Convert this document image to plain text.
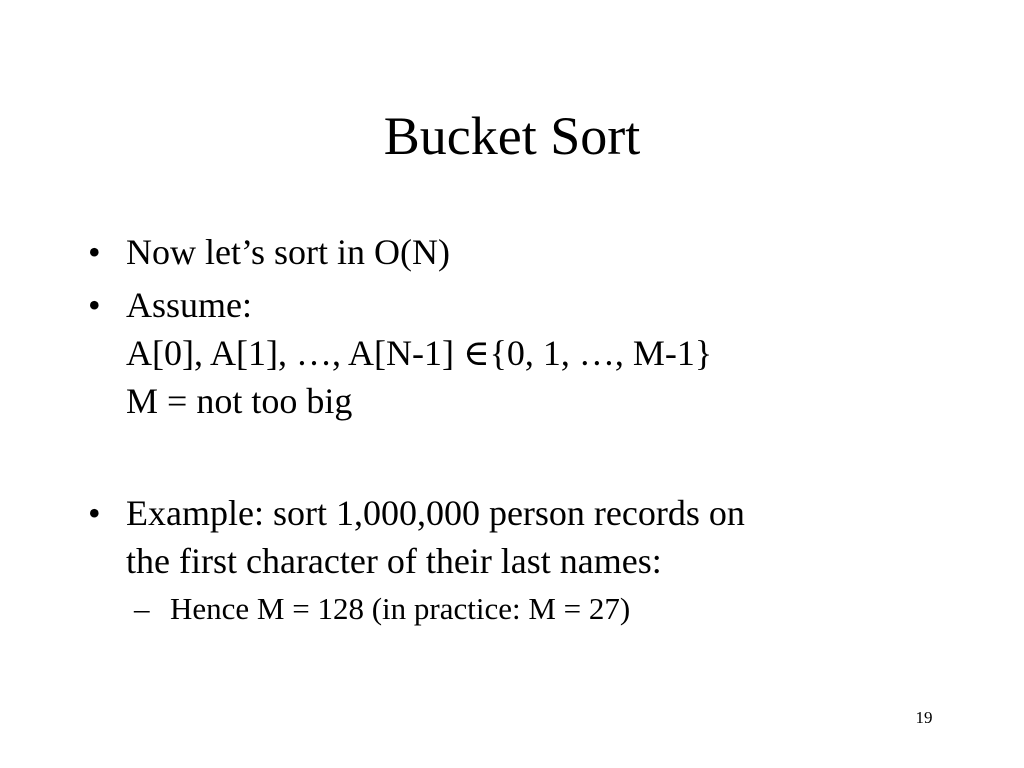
Bucket Sort
• Now let’s sort in O(N)
• Assume:
A[0], A[1], …, A[N-1] ∈{0, 1, …, M-1}
M = not too big
• Example: sort 1,000,000 person records on
the first character of their last names:
– Hence M = 128 (in practice: M = 27)
19
